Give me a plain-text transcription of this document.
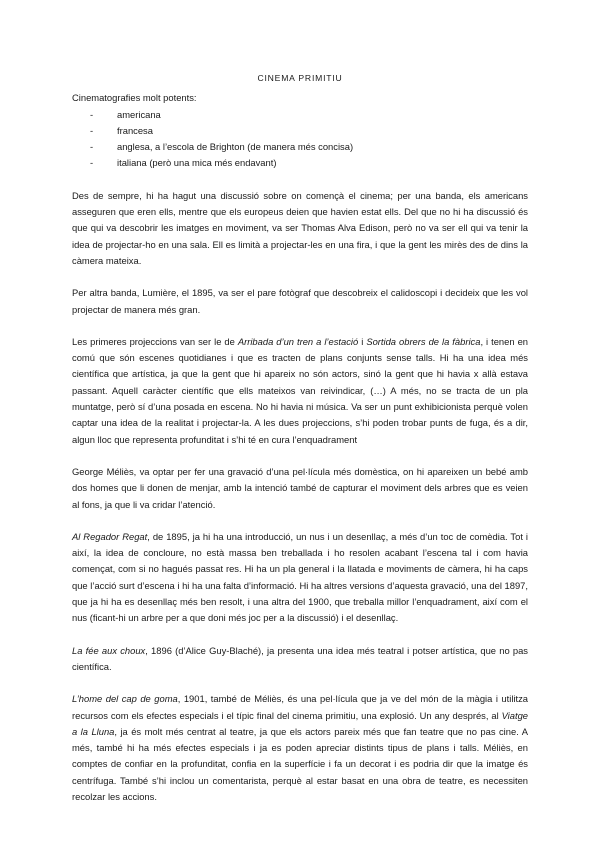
CINEMA PRIMITIU
Cinematografies molt potents:
-	americana
-	francesa
-	anglesa, a l’escola de Brighton (de manera més concisa)
-	italiana (però una mica més endavant)

Des de sempre, hi ha hagut una discussió sobre on començà el cinema; per una banda, els americans asseguren que eren ells, mentre que els europeus deien que havien estat ells. Del que no hi ha discussió és que qui va descobrir les imatges en moviment, va ser Thomas Alva Edison, però no va ser ell qui va tenir la idea de projectar-ho en una sala. Ell es limità a projectar-les en una fira, i que la gent les mirès des de dins la càmera mateixa.

Per altra banda, Lumière, el 1895, va ser el pare fotògraf que descobreix el calidoscopi i decideix que les vol projectar de manera més gran.

Les primeres projeccions van ser le de Arribada d’un tren a l’estació i Sortida obrers de la fàbrica, i tenen en comú que són escenes quotidianes i que es tracten de plans conjunts sense talls. Hi ha una idea més científica que artística, ja que la gent que hi apareix no són actors, sinó la gent que hi havia x allà estava passant. Aquell caràcter científic que ells mateixos van reivindicar, (…) A més, no se tracta de un pla muntatge, però sí d’una posada en escena. No hi havia ni música. Va ser un punt exhibicionista perquè volen captar una idea de la realitat i projectar-la. A les dues projeccions, s’hi poden trobar punts de fuga, és a dir, algun lloc que representa profunditat i s’hi té en cura l’enquadrament

George Méliès, va optar per fer una gravació d’una pel·lícula més domèstica, on hi apareixen un bebé amb dos homes que li donen de menjar, amb la intenció també de capturar el moviment dels arbres que es veien al fons, ja que li va cridar l’atenció.

Al Regador Regat, de 1895, ja hi ha una introducció, un nus i un desenllaç, a més d’un toc de comèdia. Tot i així, la idea de concloure, no està massa ben treballada i ho resolen acabant l’escena tal i com havia començat, com si no hagués passat res. Hi ha un pla general i la llatada e moviments de càmera, hi ha caps que l’acció surt d’escena i hi ha una falta d’informació. Hi ha altres versions d’aquesta gravació, una del 1897, que ja hi ha es desenllaç més ben resolt, i una altra del 1900, que treballa millor l’enquadrament, així com el nus (ficant-hi un arbre per a que doni més joc per a la discussió) i el desenllaç.

La fée aux choux, 1896 (d’Alice Guy-Blaché), ja presenta una idea més teatral i potser artística, que no pas científica.

L’home del cap de goma, 1901, també de Méliès, és una pel·lícula que ja ve del món de la màgia i utilitza recursos com els efectes especials i el típic final del cinema primitiu, una explosió. Un any després, al Viatge a la Lluna, ja és molt més centrat al teatre, ja que els actors pareix més que fan teatre que no pas cine. A més, també hi ha més efectes especials i ja es poden apreciar distints tipus de plans i talls. Méliès, en comptes de confiar en la profunditat, confia en la superfície i fa un decorat i es podria dir que la imatge és centrífuga. També s’hi inclou un comentarista, perquè al estar basat en una obra de teatre, es necessiten recolzar les accions.
